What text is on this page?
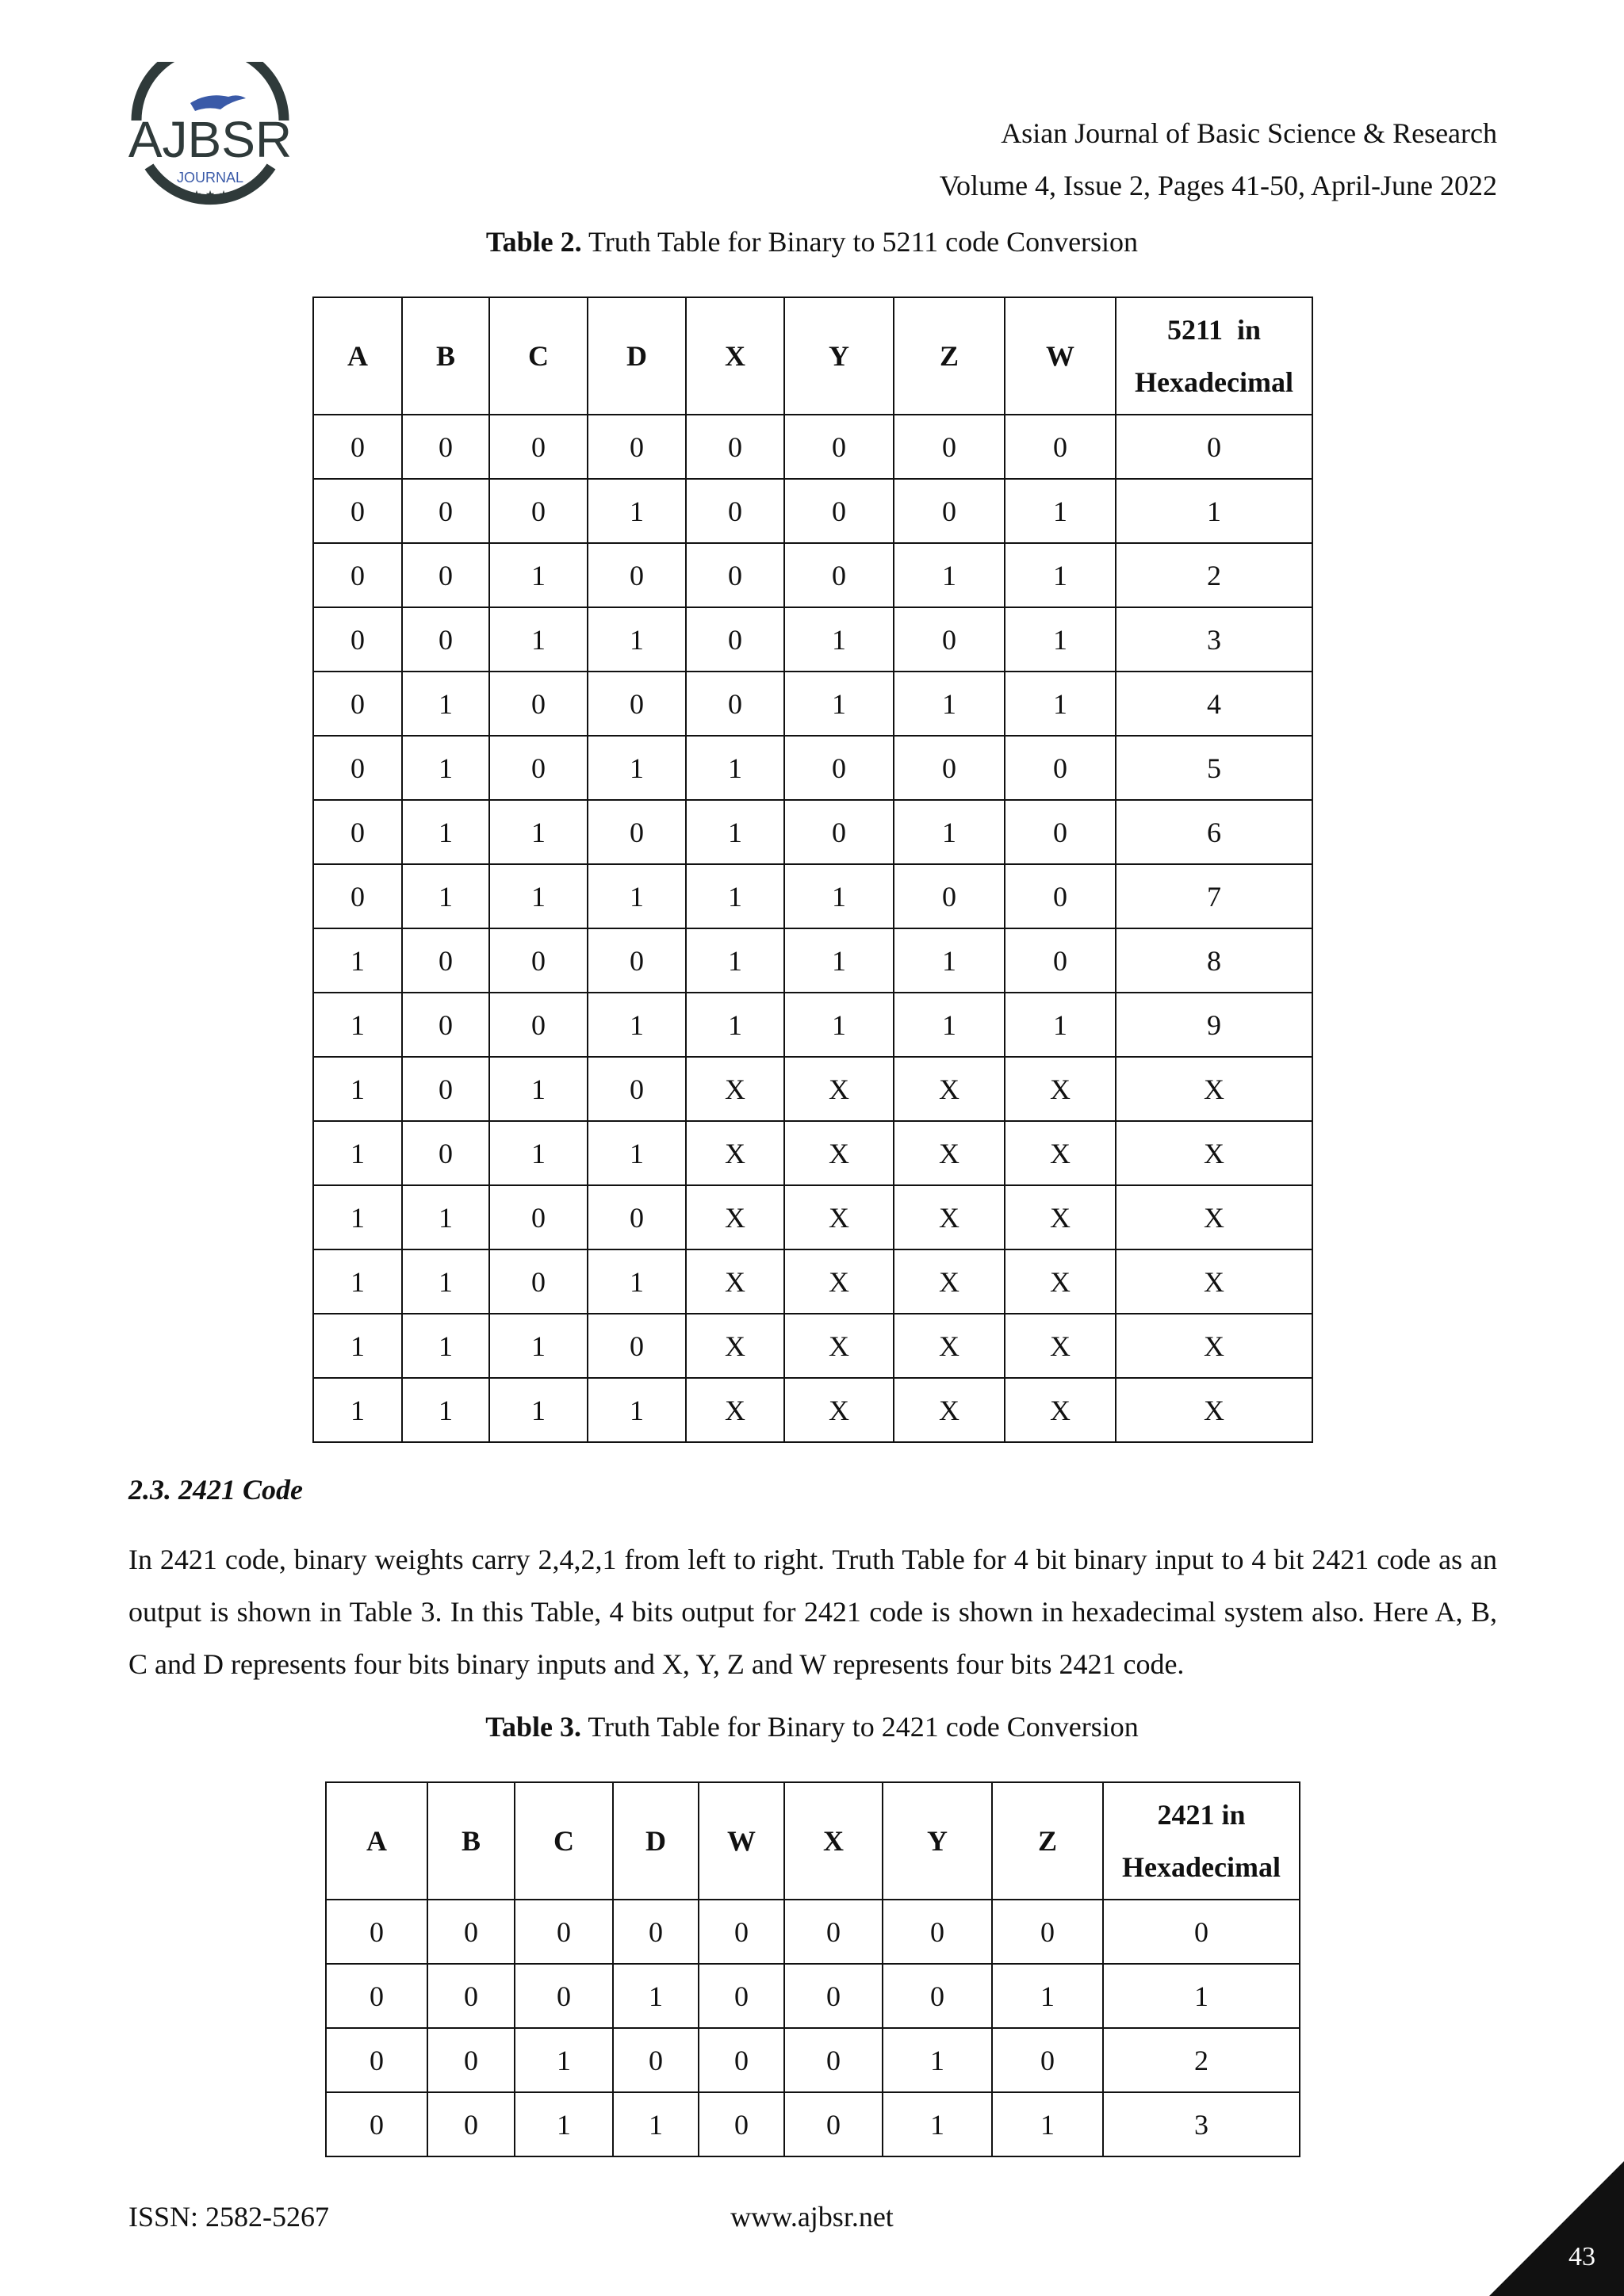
AJBSR
JOURNAL
★ ★ ★
Asian Journal of Basic Science & Research
Volume 4, Issue 2, Pages 41-50, April-June 2022
Table 2. Truth Table for Binary to 5211 code Conversion
A	B	C	D	X	Y	Z	W	5211  in
Hexadecimal

0	0	0	0	0	0	0	0	0
0	0	0	1	0	0	0	1	1
0	0	1	0	0	0	1	1	2
0	0	1	1	0	1	0	1	3
0	1	0	0	0	1	1	1	4
0	1	0	1	1	0	0	0	5
0	1	1	0	1	0	1	0	6
0	1	1	1	1	1	0	0	7
1	0	0	0	1	1	1	0	8
1	0	0	1	1	1	1	1	9
1	0	1	0	X	X	X	X	X
1	0	1	1	X	X	X	X	X
1	1	0	0	X	X	X	X	X
1	1	0	1	X	X	X	X	X
1	1	1	0	X	X	X	X	X
1	1	1	1	X	X	X	X	X
2.3. 2421 Code
In 2421 code, binary weights carry 2,4,2,1 from left to right. Truth Table for 4 bit binary input to 4 bit 2421 code as an output is shown in Table 3. In this Table, 4 bits output for 2421 code is shown in hexadecimal system also. Here A, B, C and D represents four bits binary inputs and X, Y, Z and W represents four bits 2421 code.
Table 3. Truth Table for Binary to 2421 code Conversion
A	B	C	D	W	X	Y	Z	2421 in
Hexadecimal

0	0	0	0	0	0	0	0	0
0	0	0	1	0	0	0	1	1
0	0	1	0	0	0	1	0	2
0	0	1	1	0	0	1	1	3
ISSN: 2582-5267	www.ajbsr.net
43
